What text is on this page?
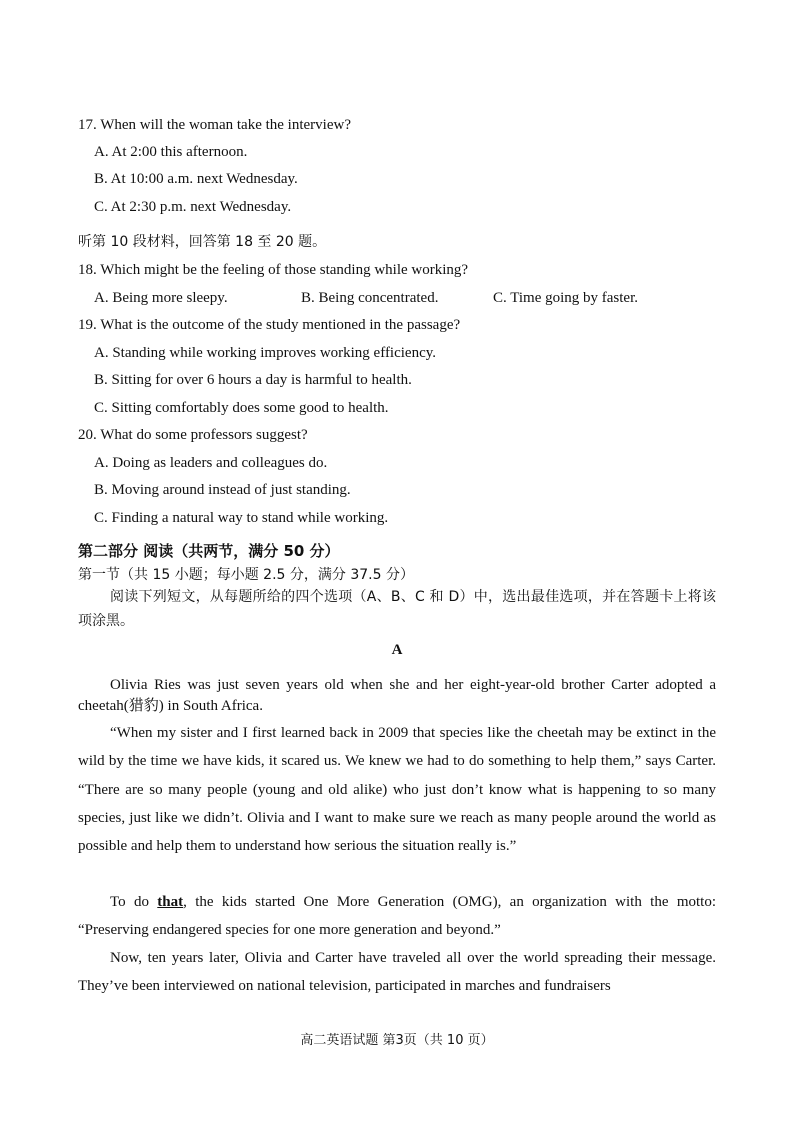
17. When will the woman take the interview?
A. At 2:00 this afternoon.
B. At 10:00 a.m. next Wednesday.
C. At 2:30 p.m. next Wednesday.
听第 10 段材料，回答第 18 至 20 题。
18. Which might be the feeling of those standing while working?
A. Being more sleepy.	B. Being concentrated.	C. Time going by faster.
19. What is the outcome of the study mentioned in the passage?
A. Standing while working improves working efficiency.
B. Sitting for over 6 hours a day is harmful to health.
C. Sitting comfortably does some good to health.
20. What do some professors suggest?
A. Doing as leaders and colleagues do.
B. Moving around instead of just standing.
C. Finding a natural way to stand while working.
第二部分 阅读（共两节，满分 50 分）
第一节（共 15 小题；每小题 2.5 分，满分 37.5 分）
阅读下列短文，从每题所给的四个选项（A、B、C 和 D）中，选出最佳选项，并在答题卡上将该项涂黑。
A
Olivia Ries was just seven years old when she and her eight-year-old brother Carter adopted a cheetah(猎豹) in South Africa.
“When my sister and I first learned back in 2009 that species like the cheetah may be extinct in the wild by the time we have kids, it scared us. We knew we had to do something to help them,” says Carter. “There are so many people (young and old alike) who just don’t know what is happening to so many species, just like we didn’t. Olivia and I want to make sure we reach as many people around the world as possible and help them to understand how serious the situation really is.”
To do that, the kids started One More Generation (OMG), an organization with the motto: “Preserving endangered species for one more generation and beyond.”
Now, ten years later, Olivia and Carter have traveled all over the world spreading their message. They’ve been interviewed on national television, participated in marches and fundraisers
高二英语试题 第3页（共 10 页）
